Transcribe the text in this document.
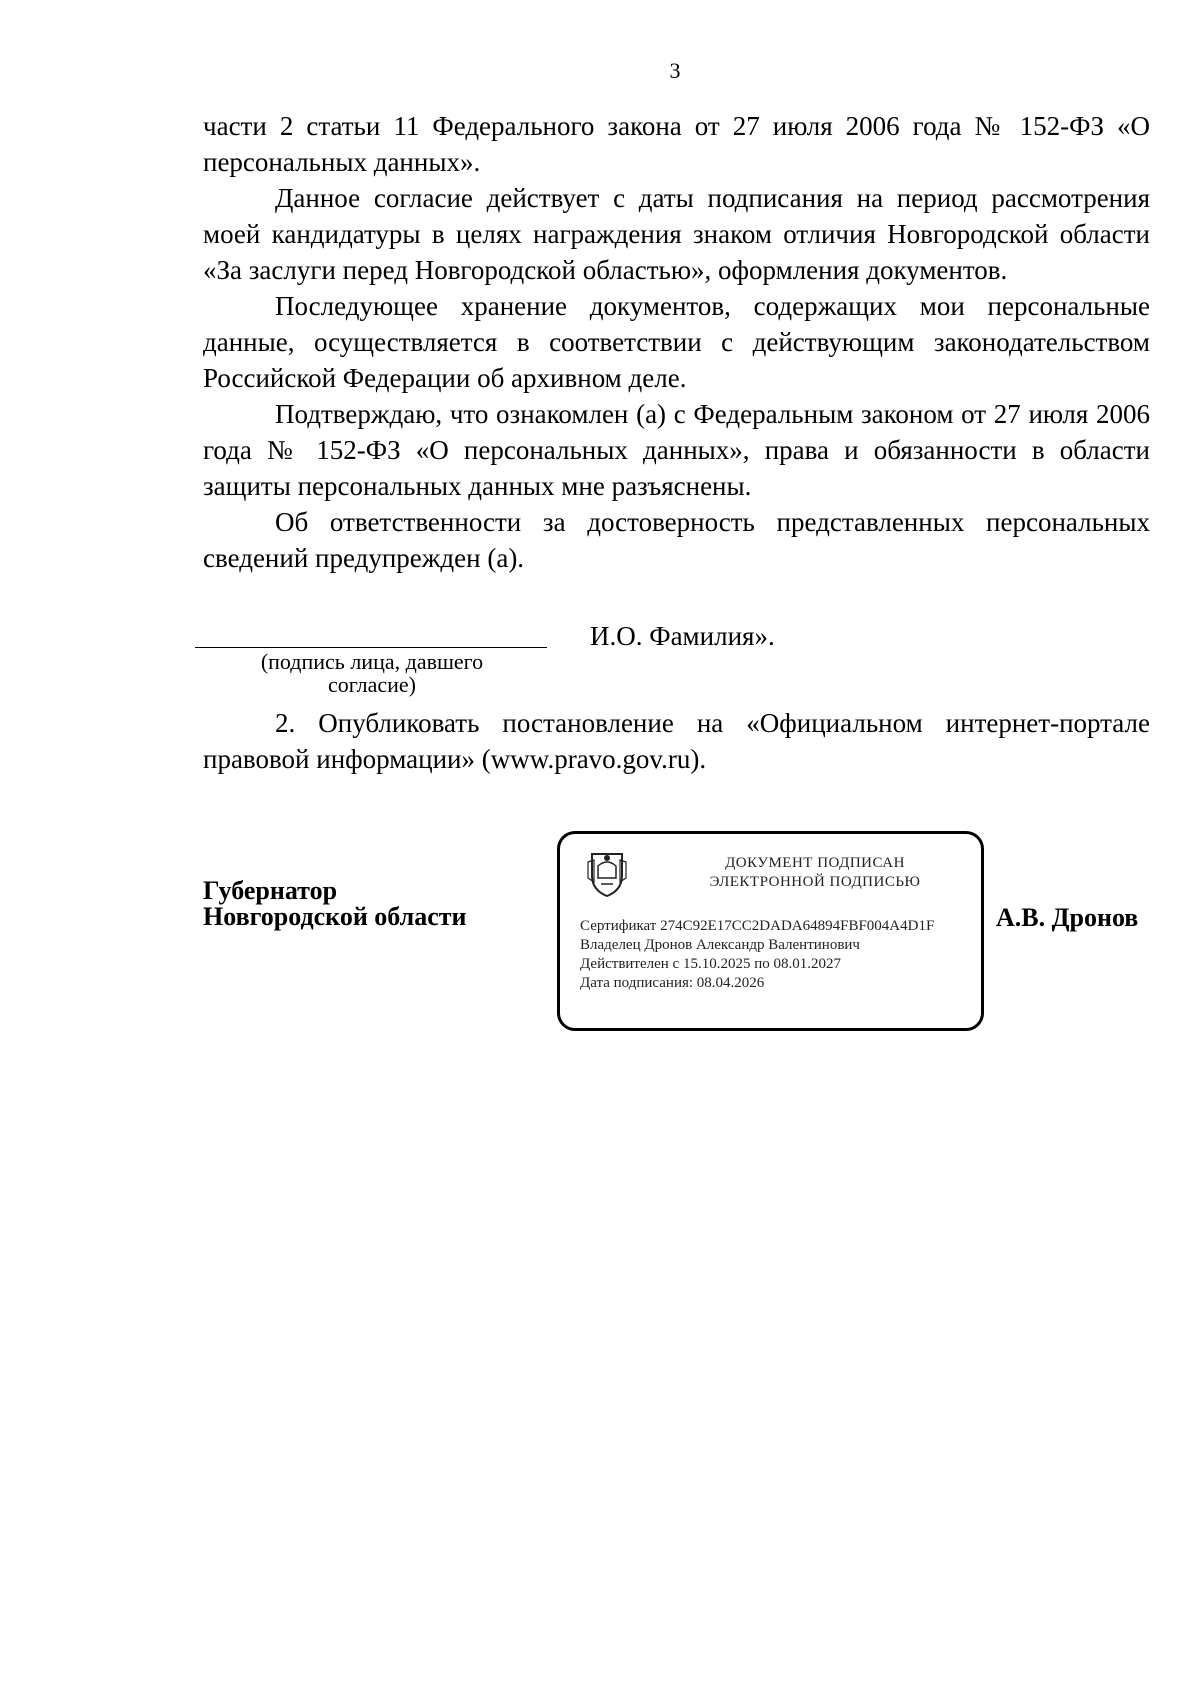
3

части 2 статьи 11 Федерального закона от 27 июля 2006 года № 152-ФЗ «О персональных данных».

Данное согласие действует с даты подписания на период рассмотрения моей кандидатуры в целях награждения знаком отличия Новгородской области «За заслуги перед Новгородской областью», оформления документов.

Последующее хранение документов, содержащих мои персональные данные, осуществляется в соответствии с действующим законодательством Российской Федерации об архивном деле.

Подтверждаю, что ознакомлен (а) с Федеральным законом от 27 июля 2006 года № 152-ФЗ «О персональных данных», права и обязанности в области защиты персональных данных мне разъяснены.

Об ответственности за достоверность представленных персональных сведений предупрежден (а).

И.О. Фамилия».
(подпись лица, давшего
согласие)

2. Опубликовать постановление на «Официальном интернет-портале правовой информации» (www.pravo.gov.ru).

Губернатор
Новгородской области	А.В. Дронов
ДОКУМЕНТ ПОДПИСАН
ЭЛЕКТРОННОЙ ПОДПИСЬЮ
Сертификат 274C92E17CC2DADA64894FBF004A4D1F
Владелец Дронов Александр Валентинович
Действителен с 15.10.2025 по 08.01.2027
Дата подписания: 08.04.2026
